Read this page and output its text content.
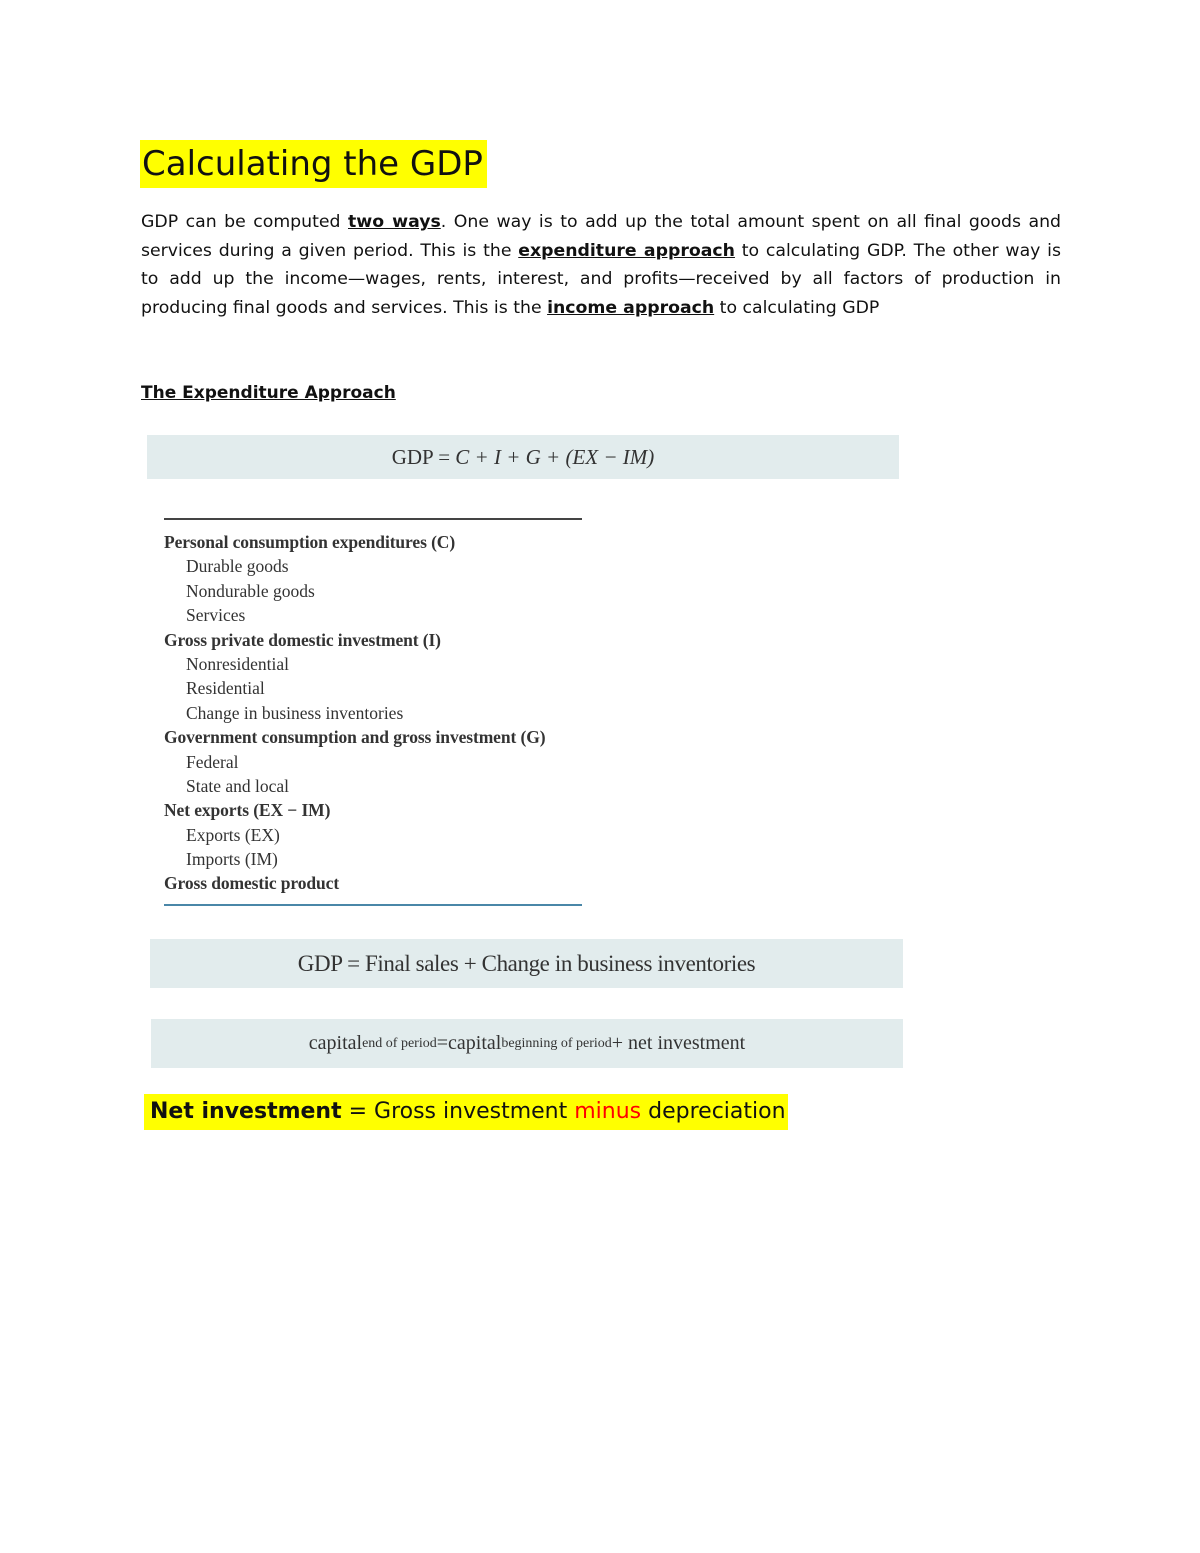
Calculating the GDP
GDP can be computed two ways. One way is to add up the total amount spent on all final goods and services during a given period. This is the expenditure approach to calculating GDP. The other way is to add up the income—wages, rents, interest, and profits—received by all factors of production in producing final goods and services. This is the income approach to calculating GDP
The Expenditure Approach
GDP =
C + I + G + (EX − IM)
Personal consumption expenditures (C)
Durable goods
Nondurable goods
Services
Gross private domestic investment (I)
Nonresidential
Residential
Change in business inventories
Government consumption and gross investment (G)
Federal
State and local
Net exports (EX − IM)
Exports (EX)
Imports (IM)
Gross domestic product
GDP = Final sales + Change in business inventories
capital end of period = capital beginning of period + net investment
Net investment = Gross investment minus depreciation
